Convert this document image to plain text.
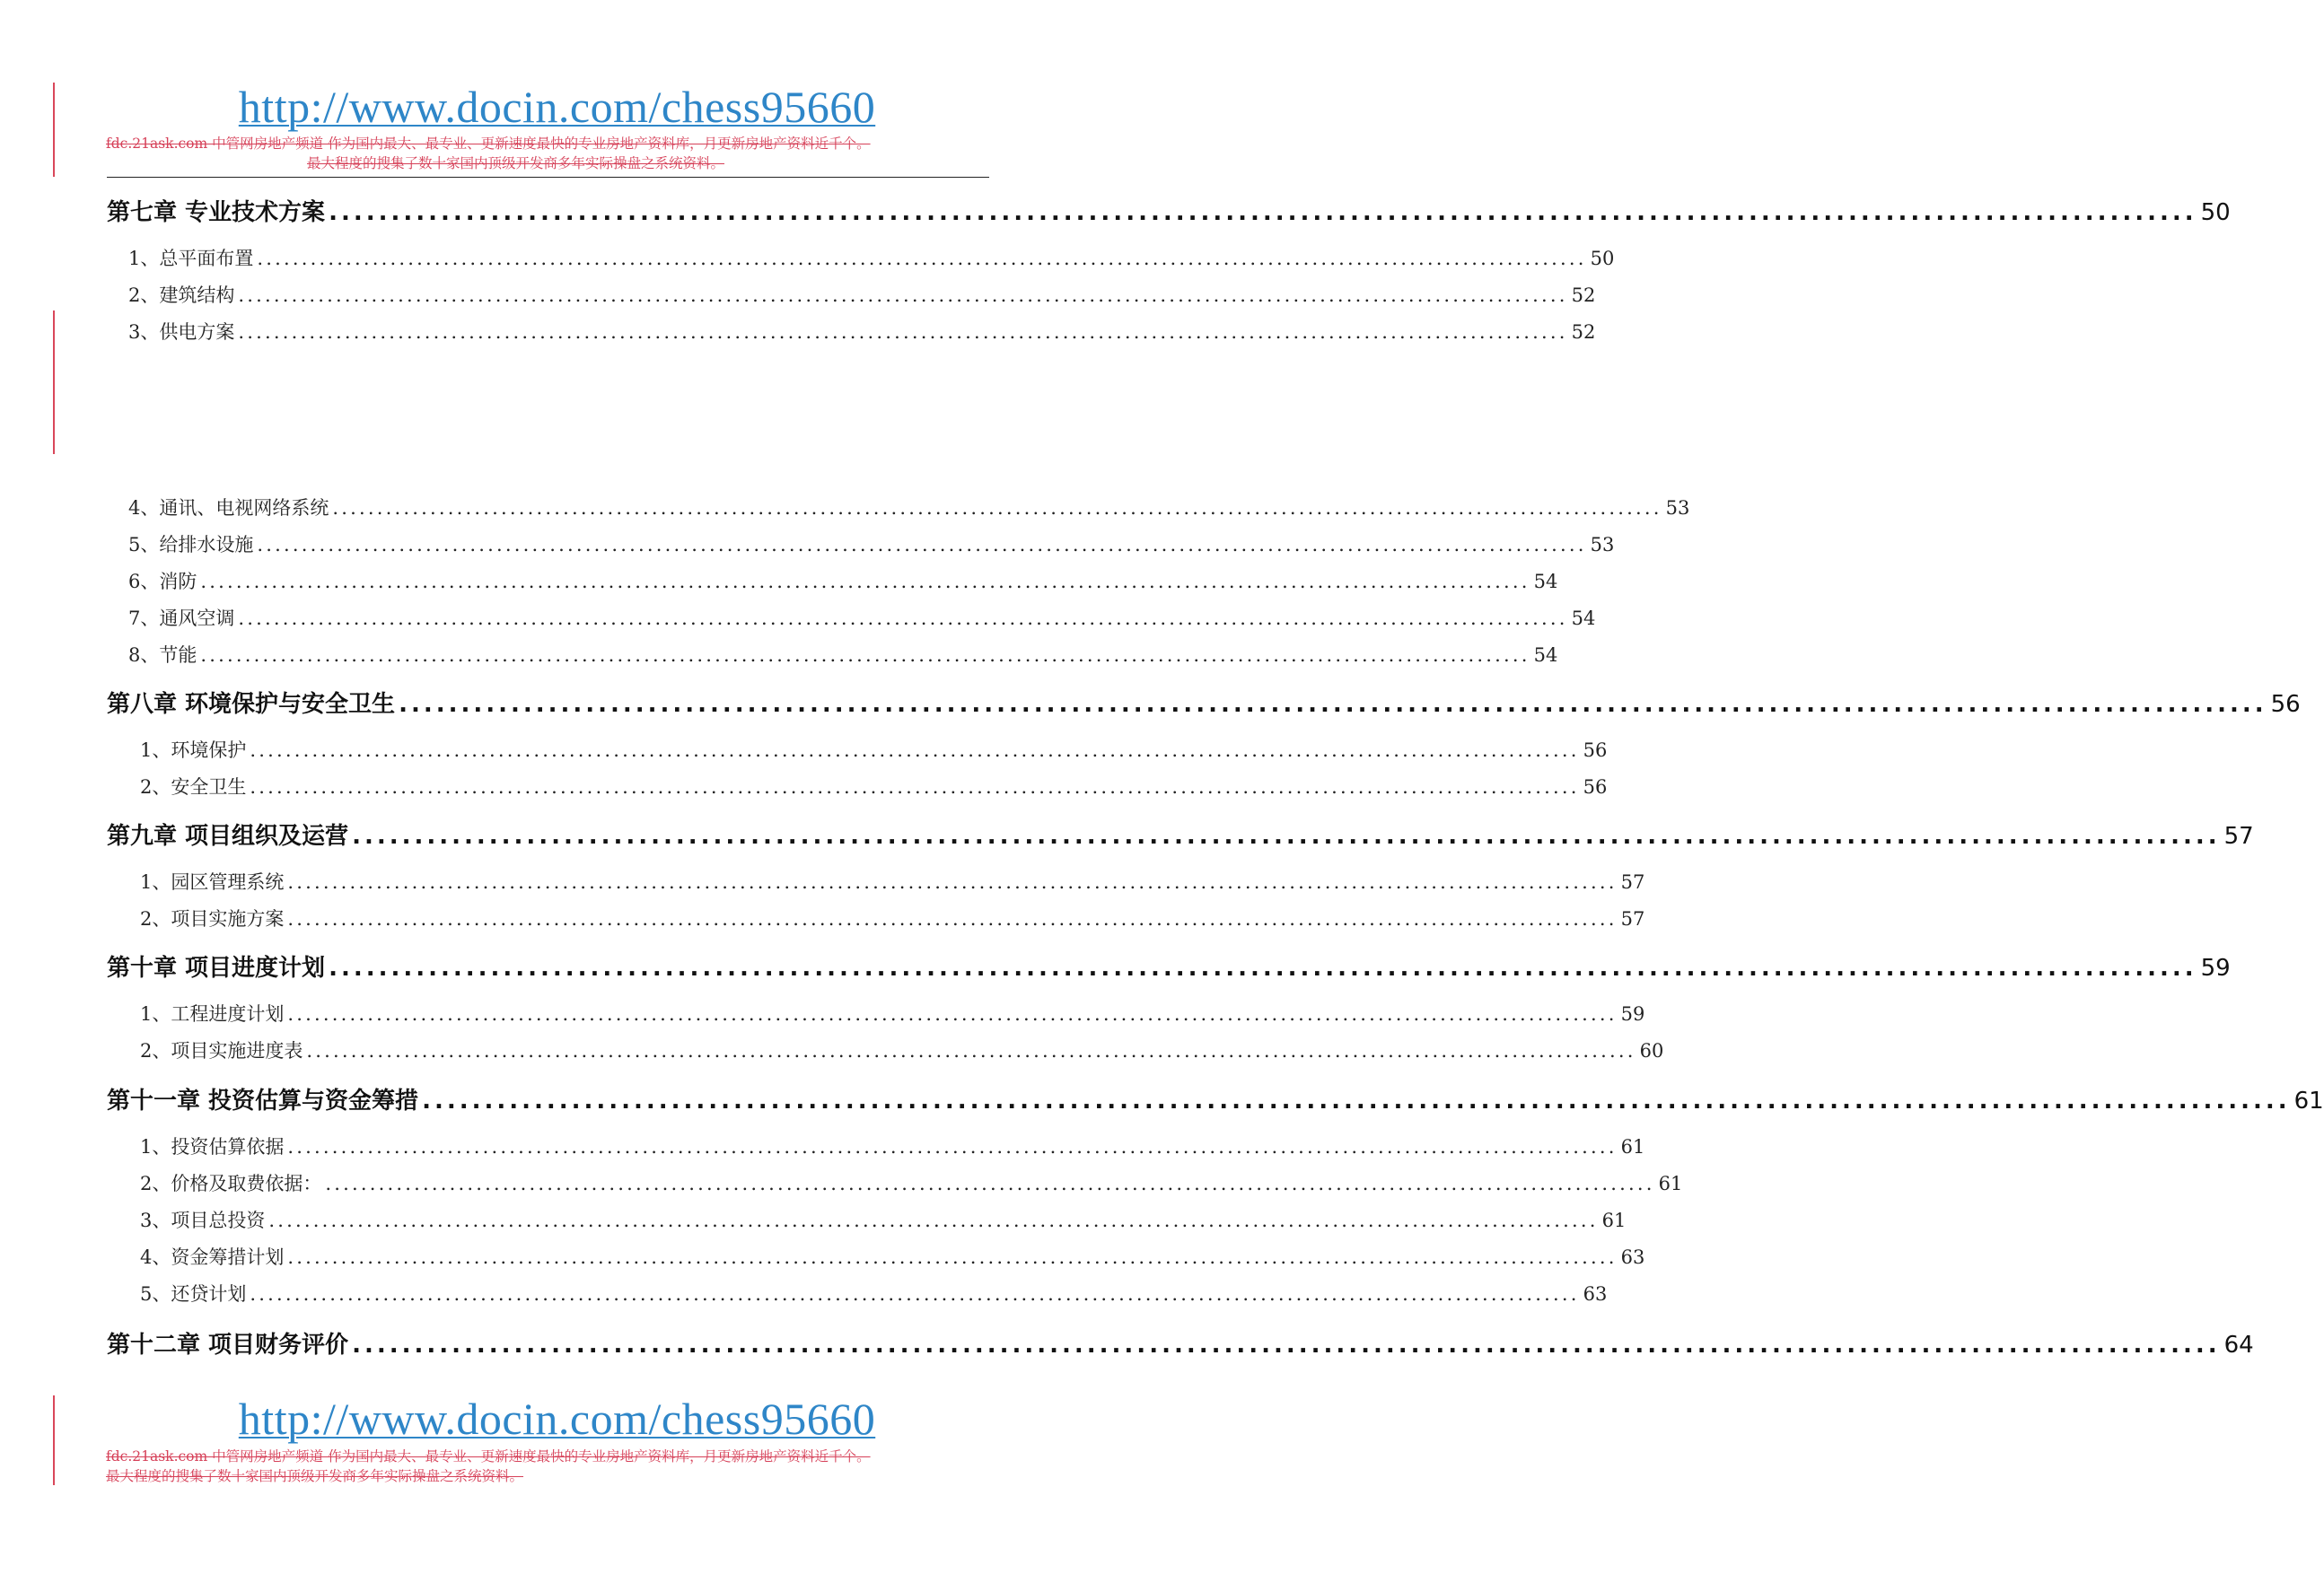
http://www.docin.com/chess95660
fdc.21ask.com 中管网房地产频道 作为国内最大、最专业、更新速度最快的专业房地产资料库，月更新房地产资料近千个。
最大程度的搜集了数十家国内顶级开发商多年实际操盘之系统资料。
第七章 专业技术方案 ...................................................................................................................................................... 50
1、总平面布置 ...................................................................................................................................................... 50
2、建筑结构 ...................................................................................................................................................... 52
3、供电方案 ...................................................................................................................................................... 52
4、通讯、电视网络系统 ...................................................................................................................................................... 53
5、给排水设施 ...................................................................................................................................................... 53
6、消防 ...................................................................................................................................................... 54
7、通风空调 ...................................................................................................................................................... 54
8、节能 ...................................................................................................................................................... 54
第八章 环境保护与安全卫生 ...................................................................................................................................................... 56
1、环境保护 ...................................................................................................................................................... 56
2、安全卫生 ...................................................................................................................................................... 56
第九章 项目组织及运营 ...................................................................................................................................................... 57
1、园区管理系统 ...................................................................................................................................................... 57
2、项目实施方案 ...................................................................................................................................................... 57
第十章 项目进度计划 ...................................................................................................................................................... 59
1、工程进度计划 ...................................................................................................................................................... 59
2、项目实施进度表 ...................................................................................................................................................... 60
第十一章 投资估算与资金筹措 ...................................................................................................................................................... 61
1、投资估算依据 ...................................................................................................................................................... 61
2、价格及取费依据： ...................................................................................................................................................... 61
3、项目总投资 ...................................................................................................................................................... 61
4、资金筹措计划 ...................................................................................................................................................... 63
5、还贷计划 ...................................................................................................................................................... 63
第十二章 项目财务评价 ...................................................................................................................................................... 64
http://www.docin.com/chess95660
fdc.21ask.com 中管网房地产频道 作为国内最大、最专业、更新速度最快的专业房地产资料库，月更新房地产资料近千个。
最大程度的搜集了数十家国内顶级开发商多年实际操盘之系统资料。
